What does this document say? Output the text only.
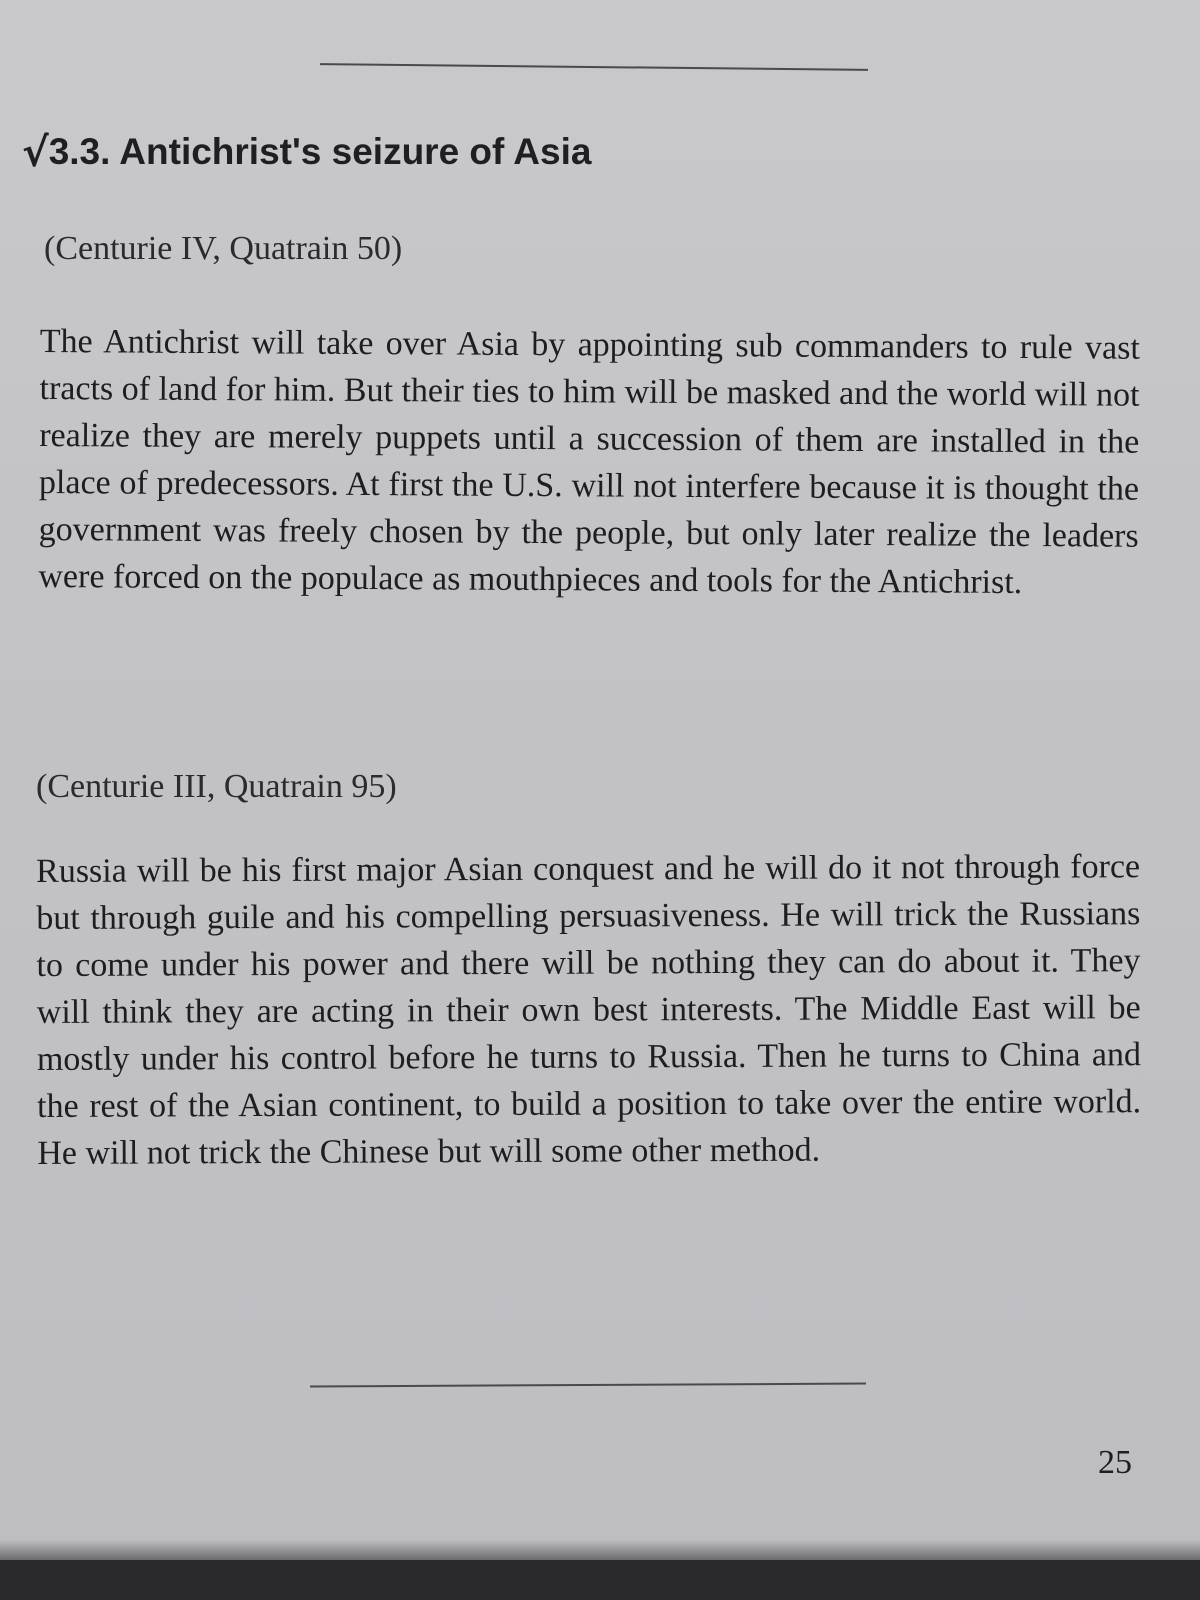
√3.3. Antichrist's seizure of Asia
(Centurie IV, Quatrain 50)
The Antichrist will take over Asia by appointing sub commanders to rule vast tracts of land for him. But their ties to him will be masked and the world will not realize they are merely puppets until a succession of them are installed in the place of predecessors. At first the U.S. will not interfere because it is thought the government was freely chosen by the people, but only later realize the leaders were forced on the populace as mouthpieces and tools for the Antichrist.
(Centurie III, Quatrain 95)
Russia will be his first major Asian conquest and he will do it not through force but through guile and his compelling persuasiveness. He will trick the Russians to come under his power and there will be nothing they can do about it. They will think they are acting in their own best interests. The Middle East will be mostly under his control before he turns to Russia. Then he turns to China and the rest of the Asian continent, to build a position to take over the entire world. He will not trick the Chinese but will some other method.
25
